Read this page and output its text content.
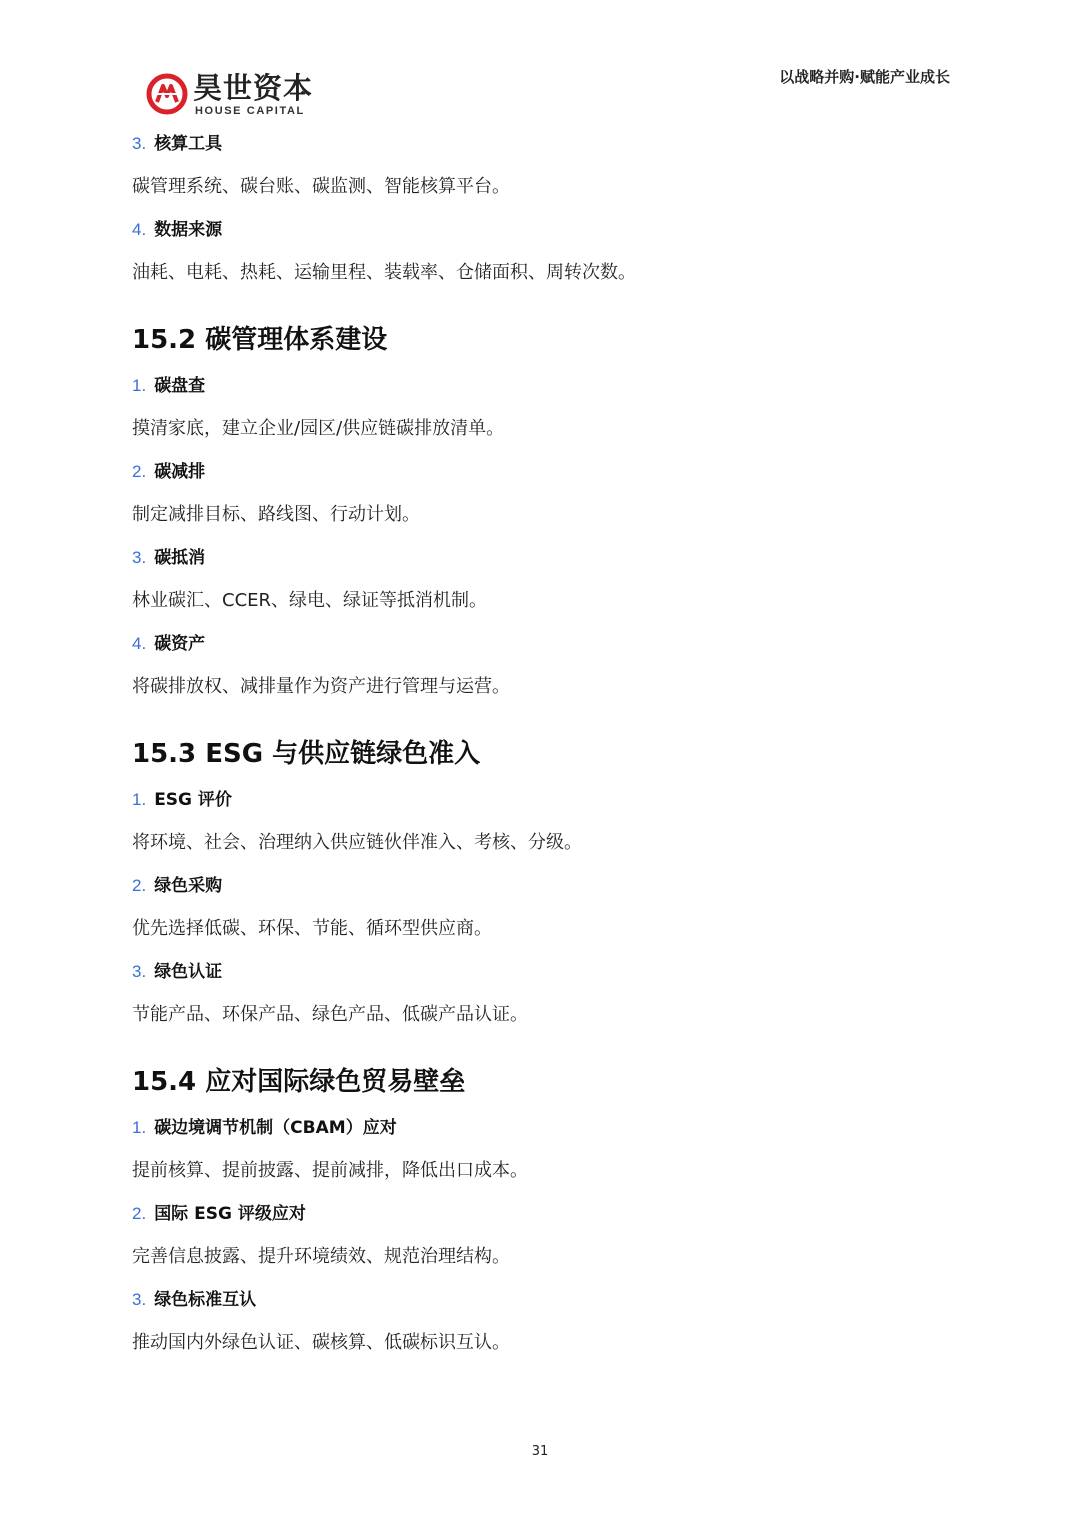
昊世资本
HOUSE CAPITAL
以战略并购·赋能产业成长
3. 核算工具
碳管理系统、碳台账、碳监测、智能核算平台。
4. 数据来源
油耗、电耗、热耗、运输里程、装载率、仓储面积、周转次数。
15.2 碳管理体系建设
1. 碳盘查
摸清家底，建立企业/园区/供应链碳排放清单。
2. 碳减排
制定减排目标、路线图、行动计划。
3. 碳抵消
林业碳汇、CCER、绿电、绿证等抵消机制。
4. 碳资产
将碳排放权、减排量作为资产进行管理与运营。
15.3 ESG 与供应链绿色准入
1. ESG 评价
将环境、社会、治理纳入供应链伙伴准入、考核、分级。
2. 绿色采购
优先选择低碳、环保、节能、循环型供应商。
3. 绿色认证
节能产品、环保产品、绿色产品、低碳产品认证。
15.4 应对国际绿色贸易壁垒
1. 碳边境调节机制（CBAM）应对
提前核算、提前披露、提前减排，降低出口成本。
2. 国际 ESG 评级应对
完善信息披露、提升环境绩效、规范治理结构。
3. 绿色标准互认
推动国内外绿色认证、碳核算、低碳标识互认。
31
